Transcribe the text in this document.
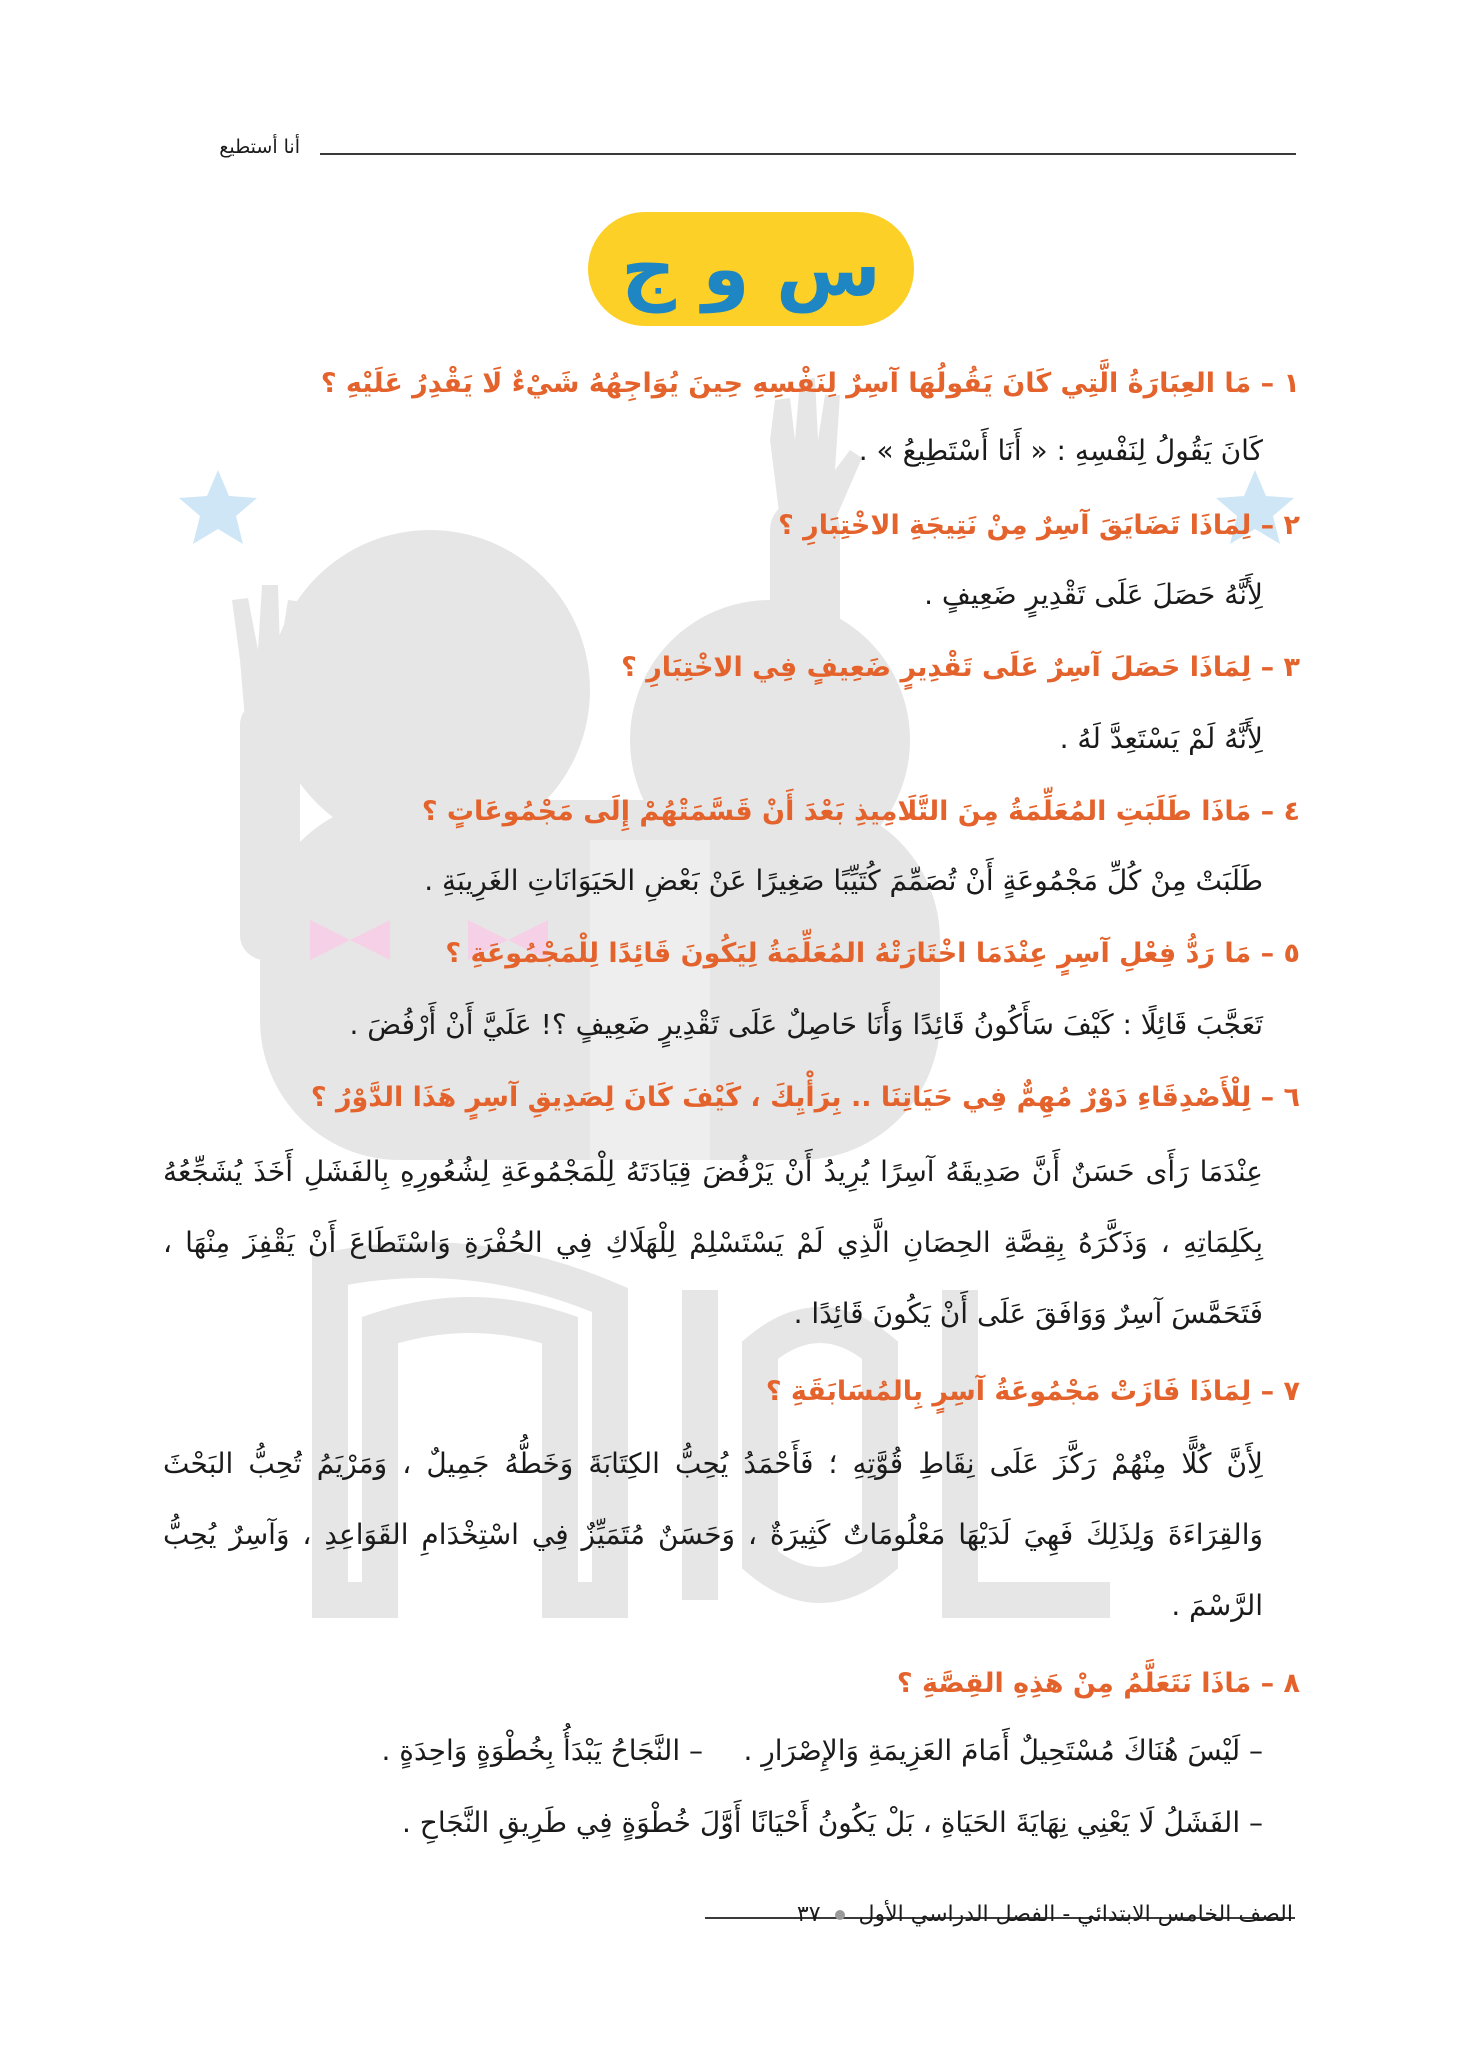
أنا أستطيع
س و ج
١ – مَا العِبَارَةُ الَّتِي كَانَ يَقُولُهَا آسِرٌ لِنَفْسِهِ حِينَ يُوَاجِهُهُ شَيْءٌ لَا يَقْدِرُ عَلَيْهِ ؟
كَانَ يَقُولُ لِنَفْسِهِ : « أَنَا أَسْتَطِيعُ » .
٢ – لِمَاذَا تَضَايَقَ آسِرٌ مِنْ نَتِيجَةِ الاخْتِبَارِ ؟
لِأَنَّهُ حَصَلَ عَلَى تَقْدِيرٍ ضَعِيفٍ .
٣ – لِمَاذَا حَصَلَ آسِرٌ عَلَى تَقْدِيرٍ ضَعِيفٍ فِي الاخْتِبَارِ ؟
لِأَنَّهُ لَمْ يَسْتَعِدَّ لَهُ .
٤ – مَاذَا طَلَبَتِ المُعَلِّمَةُ مِنَ التَّلَامِيذِ بَعْدَ أَنْ قَسَّمَتْهُمْ إِلَى مَجْمُوعَاتٍ ؟
طَلَبَتْ مِنْ كُلِّ مَجْمُوعَةٍ أَنْ تُصَمِّمَ كُتَيِّبًا صَغِيرًا عَنْ بَعْضِ الحَيَوَانَاتِ الغَرِيبَةِ .
٥ – مَا رَدُّ فِعْلِ آسِرٍ عِنْدَمَا اخْتَارَتْهُ المُعَلِّمَةُ لِيَكُونَ قَائِدًا لِلْمَجْمُوعَةِ ؟
تَعَجَّبَ قَائِلًا : كَيْفَ سَأَكُونُ قَائِدًا وَأَنَا حَاصِلٌ عَلَى تَقْدِيرٍ ضَعِيفٍ ؟! عَلَيَّ أَنْ أَرْفُضَ .
٦ – لِلْأَصْدِقَاءِ دَوْرٌ مُهِمٌّ فِي حَيَاتِنَا .. بِرَأْيِكَ ، كَيْفَ كَانَ لِصَدِيقِ آسِرٍ هَذَا الدَّوْرُ ؟
عِنْدَمَا رَأَى حَسَنٌ أَنَّ صَدِيقَهُ آسِرًا يُرِيدُ أَنْ يَرْفُضَ قِيَادَتَهُ لِلْمَجْمُوعَةِ لِشُعُورِهِ بِالفَشَلِ أَخَذَ يُشَجِّعُهُ بِكَلِمَاتِهِ ، وَذَكَّرَهُ بِقِصَّةِ الحِصَانِ الَّذِي لَمْ يَسْتَسْلِمْ لِلْهَلَاكِ فِي الحُفْرَةِ وَاسْتَطَاعَ أَنْ يَقْفِزَ مِنْهَا ، فَتَحَمَّسَ آسِرٌ وَوَافَقَ عَلَى أَنْ يَكُونَ قَائِدًا .
٧ – لِمَاذَا فَازَتْ مَجْمُوعَةُ آسِرٍ بِالمُسَابَقَةِ ؟
لِأَنَّ كُلًّا مِنْهُمْ رَكَّزَ عَلَى نِقَاطِ قُوَّتِهِ ؛ فَأَحْمَدُ يُحِبُّ الكِتَابَةَ وَخَطُّهُ جَمِيلٌ ، وَمَرْيَمُ تُحِبُّ البَحْثَ وَالقِرَاءَةَ وَلِذَلِكَ فَهِيَ لَدَيْهَا مَعْلُومَاتٌ كَثِيرَةٌ ، وَحَسَنٌ مُتَمَيِّزٌ فِي اسْتِخْدَامِ القَوَاعِدِ ، وَآسِرٌ يُحِبُّ الرَّسْمَ .
٨ – مَاذَا نَتَعَلَّمُ مِنْ هَذِهِ القِصَّةِ ؟
– لَيْسَ هُنَاكَ مُسْتَحِيلٌ أَمَامَ العَزِيمَةِ وَالإِصْرَارِ .
– النَّجَاحُ يَبْدَأُ بِخُطْوَةٍ وَاحِدَةٍ .
– الفَشَلُ لَا يَعْنِي نِهَايَةَ الحَيَاةِ ، بَلْ يَكُونُ أَحْيَانًا أَوَّلَ خُطْوَةٍ فِي طَرِيقِ النَّجَاحِ .
الصف الخامس الابتدائي - الفصل الدراسي الأول
٣٧
